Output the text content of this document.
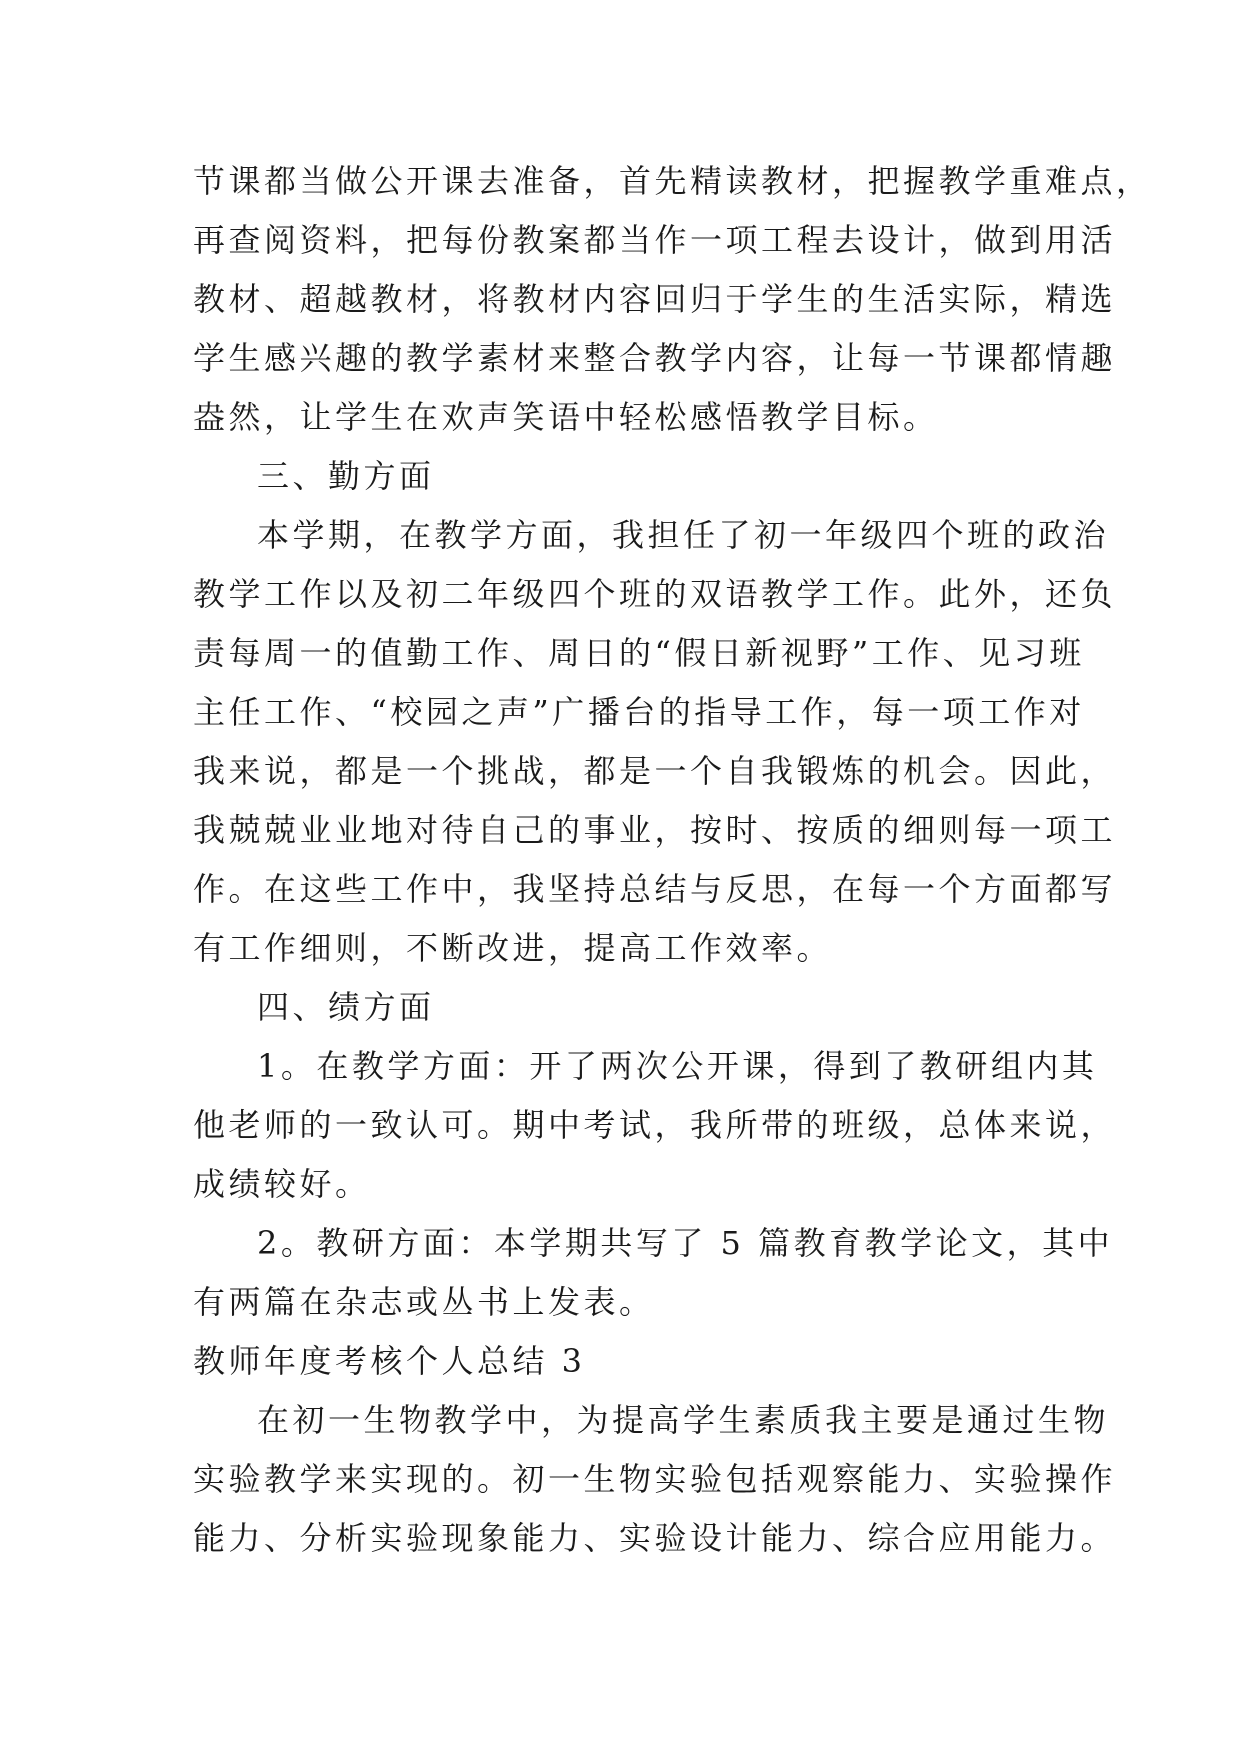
节课都当做公开课去准备，首先精读教材，把握教学重难点，
再查阅资料，把每份教案都当作一项工程去设计，做到用活
教材、超越教材，将教材内容回归于学生的生活实际，精选
学生感兴趣的教学素材来整合教学内容，让每一节课都情趣
盎然，让学生在欢声笑语中轻松感悟教学目标。
三、勤方面
本学期，在教学方面，我担任了初一年级四个班的政治
教学工作以及初二年级四个班的双语教学工作。此外，还负
责每周一的值勤工作、周日的“假日新视野”工作、见习班
主任工作、“校园之声”广播台的指导工作，每一项工作对
我来说，都是一个挑战，都是一个自我锻炼的机会。因此，
我兢兢业业地对待自己的事业，按时、按质的细则每一项工
作。在这些工作中，我坚持总结与反思，在每一个方面都写
有工作细则，不断改进，提高工作效率。
四、绩方面
1。在教学方面：开了两次公开课，得到了教研组内其
他老师的一致认可。期中考试，我所带的班级，总体来说，
成绩较好。
2。教研方面：本学期共写了 5 篇教育教学论文，其中
有两篇在杂志或丛书上发表。
教师年度考核个人总结 3
在初一生物教学中，为提高学生素质我主要是通过生物
实验教学来实现的。初一生物实验包括观察能力、实验操作
能力、分析实验现象能力、实验设计能力、综合应用能力。
